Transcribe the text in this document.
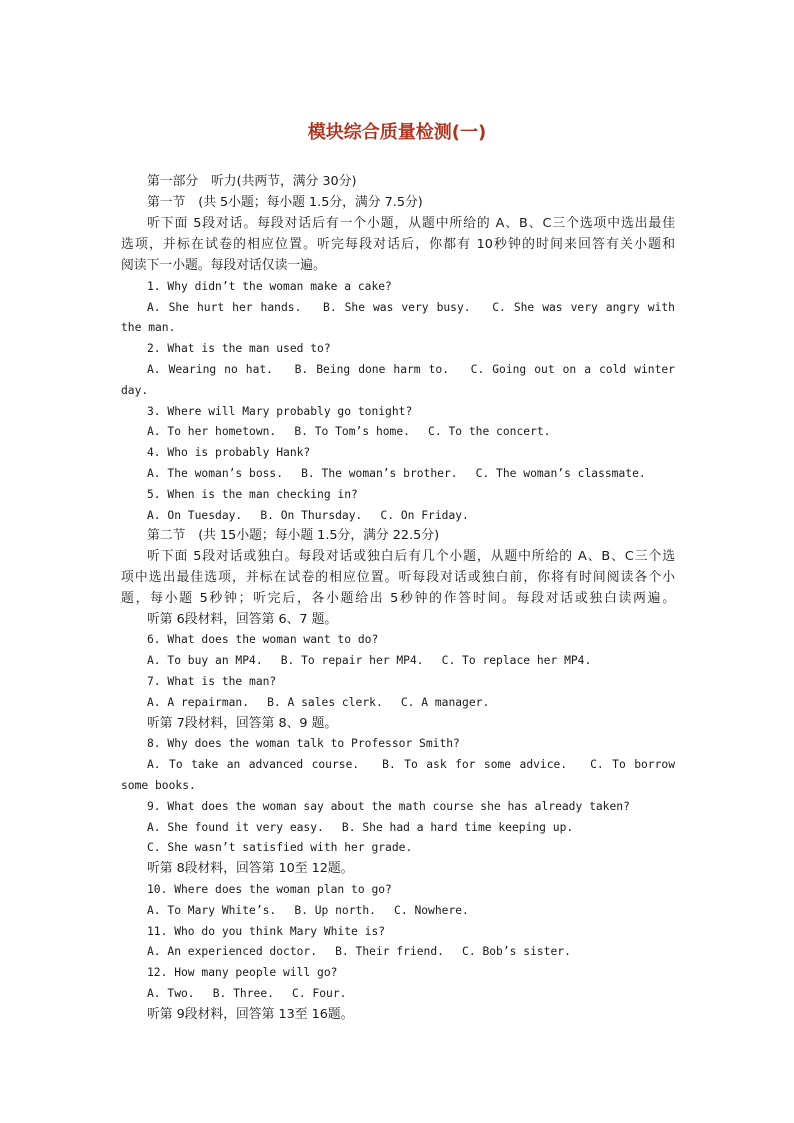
模块综合质量检测(一)
第一部分　听力(共两节，满分 30分)
第一节　(共 5小题；每小题 1.5分，满分 7.5分)
听下面 5段对话。每段对话后有一个小题，从题中所给的 A、B、C三个选项中选出最佳
选项，并标在试卷的相应位置。听完每段对话后，你都有 10秒钟的时间来回答有关小题和
阅读下一小题。每段对话仅读一遍。
1. Why didn’t the woman make a cake?
A. She hurt her hands.　 B. She was very busy.　 C. She was very angry with
the man.
2. What is the man used to?
A. Wearing no hat.　 B. Being done harm to.　 C. Going out on a cold winter
day.
3. Where will Mary probably go tonight?
A. To her hometown.　 B. To Tom’s home.　 C. To the concert.
4. Who is probably Hank?
A. The woman’s boss.　 B. The woman’s brother.　 C. The woman’s classmate.
5. When is the man checking in?
A. On Tuesday.　 B. On Thursday.　 C. On Friday.
第二节　(共 15小题；每小题 1.5分，满分 22.5分)
听下面 5段对话或独白。每段对话或独白后有几个小题，从题中所给的 A、B、C三个选
项中选出最佳选项，并标在试卷的相应位置。听每段对话或独白前，你将有时间阅读各个小
题，每小题 5秒钟；听完后，各小题给出 5秒钟的作答时间。每段对话或独白读两遍。
听第 6段材料，回答第 6、7 题。
6. What does the woman want to do?
A. To buy an MP4.　 B. To repair her MP4.　 C. To replace her MP4.
7. What is the man?
A. A repairman.　 B. A sales clerk.　 C. A manager.
听第 7段材料，回答第 8、9 题。
8. Why does the woman talk to Professor Smith?
A. To take an advanced course.　 B. To ask for some advice.　 C. To borrow
some books.
9. What does the woman say about the math course she has already taken?
A. She found it very easy.　 B. She had a hard time keeping up.
C. She wasn’t satisfied with her grade.
听第 8段材料，回答第 10至 12题。
10. Where does the woman plan to go?
A. To Mary White’s.　 B. Up north.　 C. Nowhere.
11. Who do you think Mary White is?
A. An experienced doctor.　 B. Their friend.　 C. Bob’s sister.
12. How many people will go?
A. Two.　 B. Three.　 C. Four.
听第 9段材料，回答第 13至 16题。
